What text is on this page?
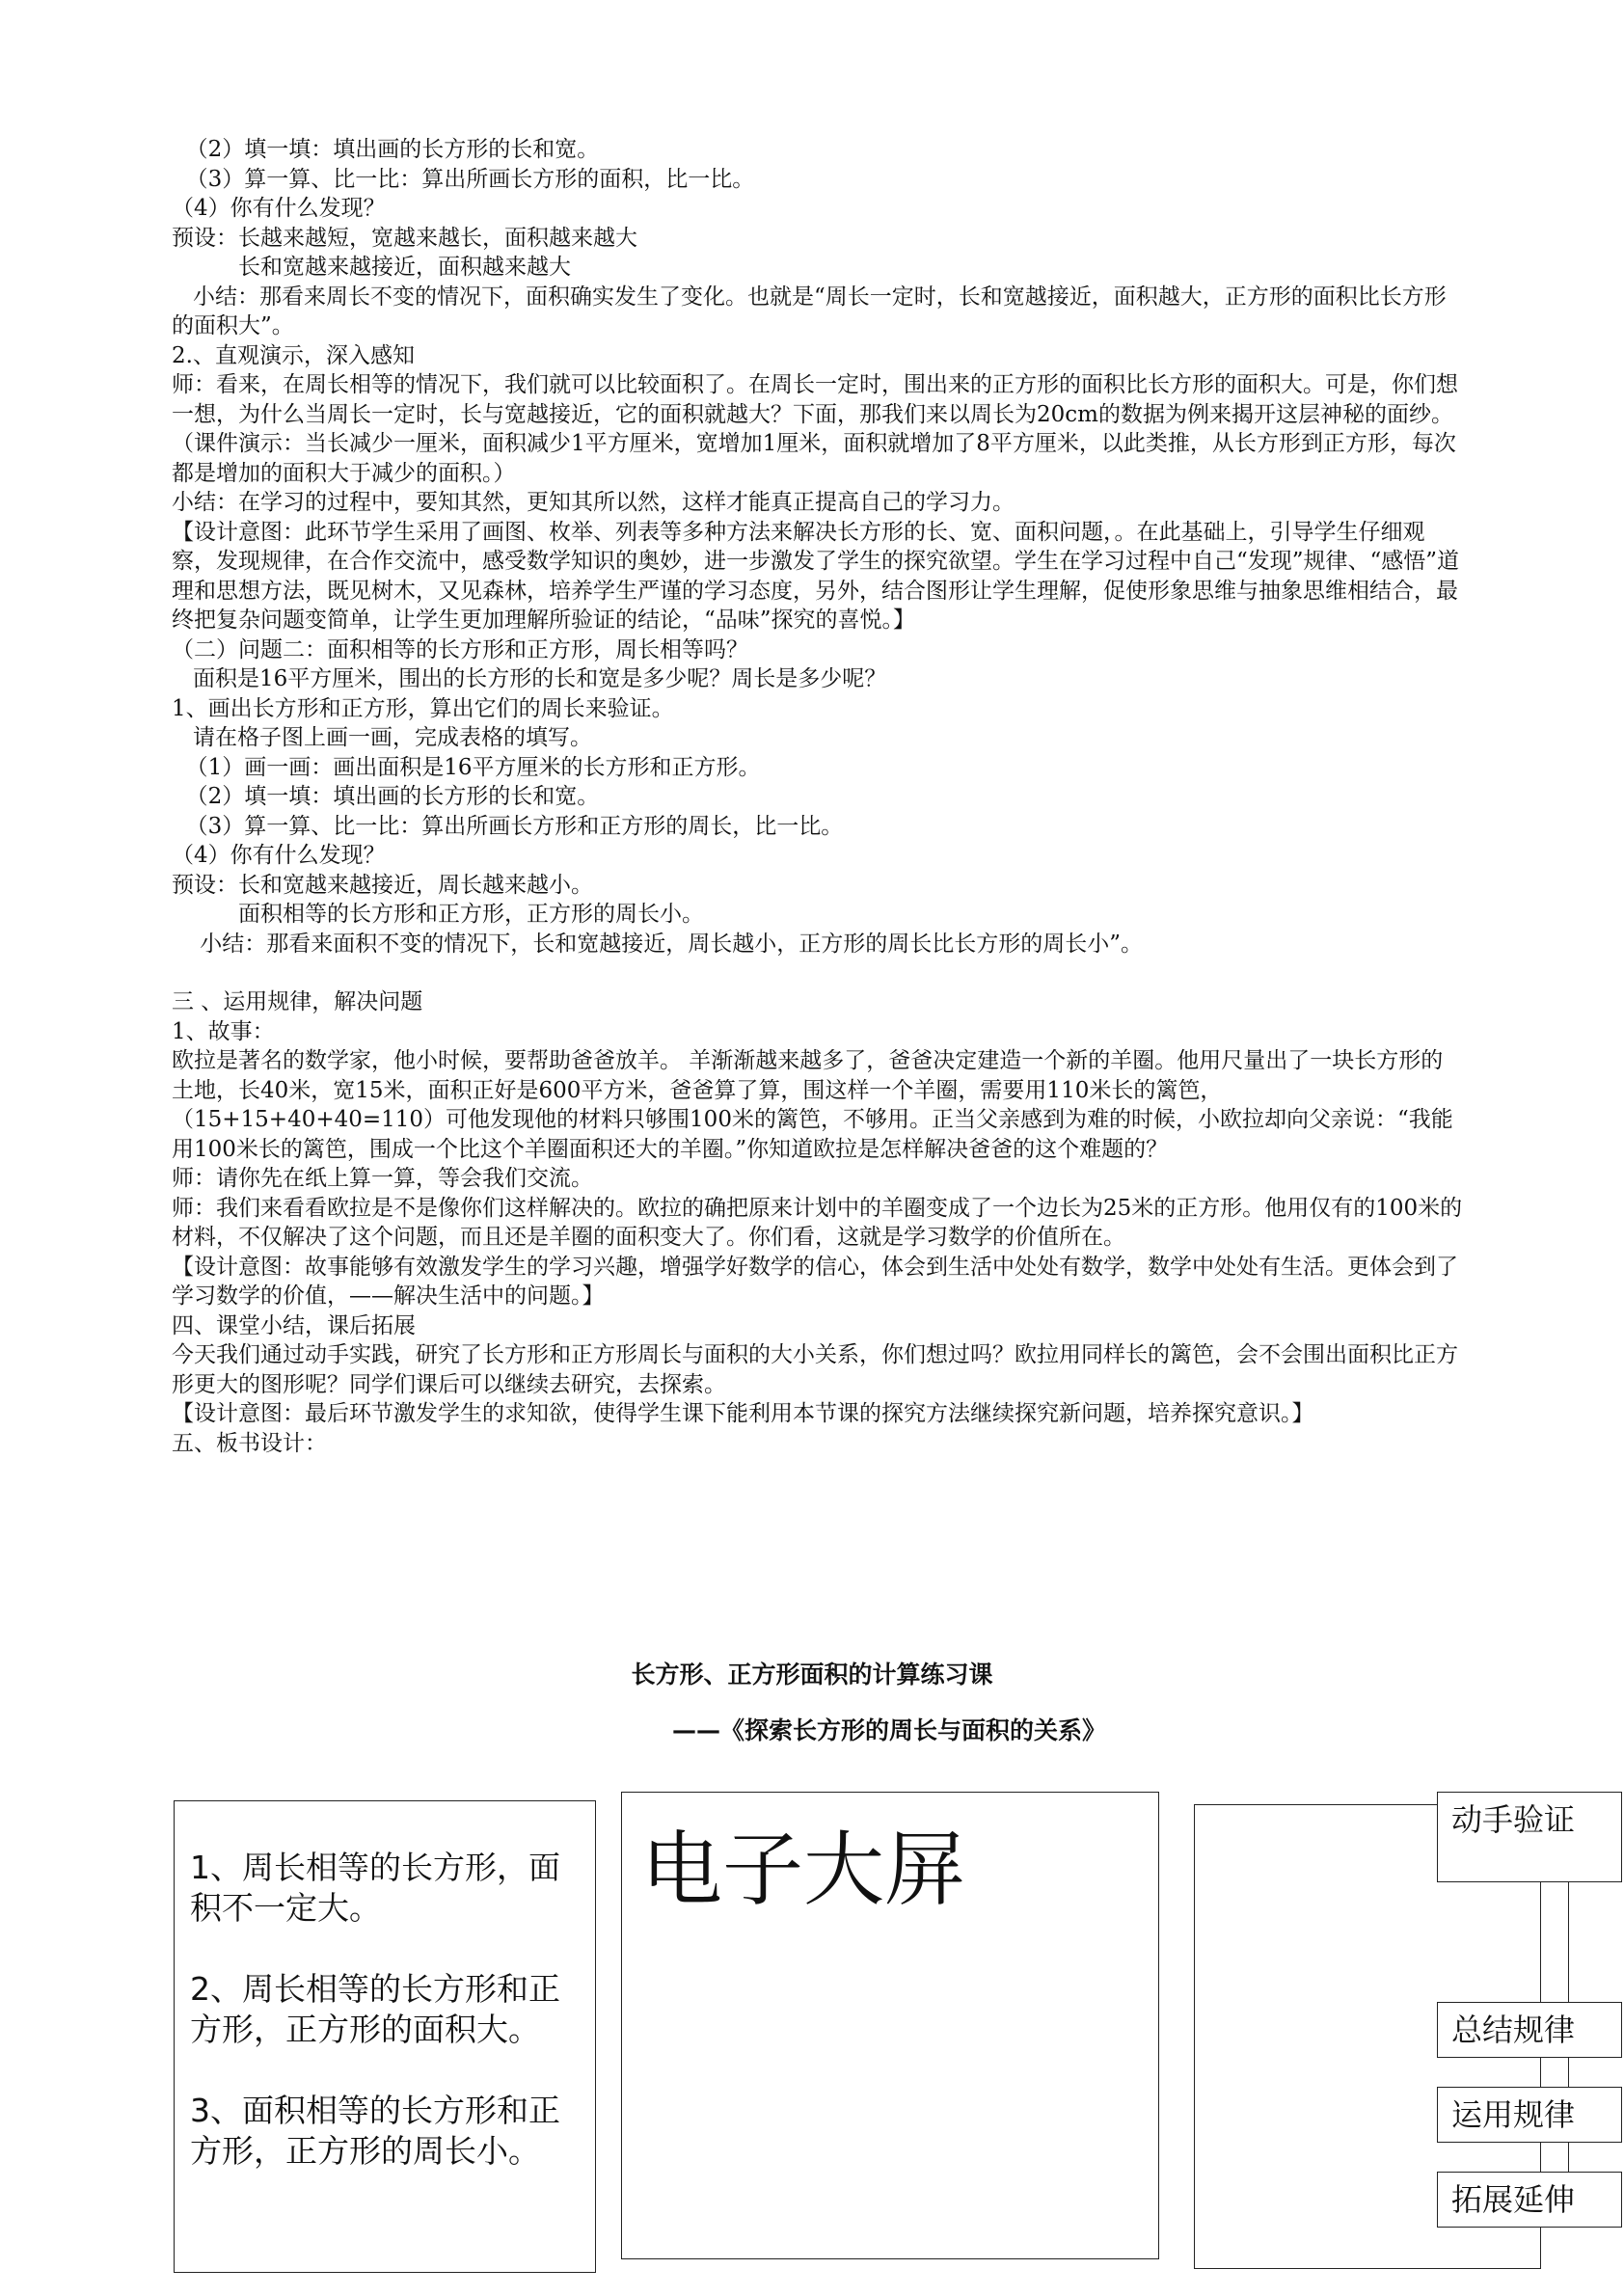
（2）填一填：填出画的长方形的长和宽。

（3）算一算、比一比：算出所画长方形的面积，比一比。

（4）你有什么发现？

预设：长越来越短，宽越来越长，面积越来越大

　　　长和宽越来越接近，面积越来越大

小结：那看来周长不变的情况下，面积确实发生了变化。也就是“周长一定时，长和宽越接近，面积越大，正方形的面积比长方形的面积大”。

2.、直观演示，深入感知

师：看来，在周长相等的情况下，我们就可以比较面积了。在周长一定时，围出来的正方形的面积比长方形的面积大。可是，你们想一想，为什么当周长一定时，长与宽越接近，它的面积就越大？下面，那我们来以周长为20cm的数据为例来揭开这层神秘的面纱。（课件演示：当长减少一厘米，面积减少1平方厘米，宽增加1厘米，面积就增加了8平方厘米，以此类推，从长方形到正方形，每次都是增加的面积大于减少的面积。）

小结：在学习的过程中，要知其然，更知其所以然，这样才能真正提高自己的学习力。

【设计意图：此环节学生采用了画图、枚举、列表等多种方法来解决长方形的长、宽、面积问题，。在此基础上，引导学生仔细观察，发现规律，在合作交流中，感受数学知识的奥妙，进一步激发了学生的探究欲望。学生在学习过程中自己“发现”规律、“感悟”道理和思想方法，既见树木，又见森林，培养学生严谨的学习态度，另外，结合图形让学生理解，促使形象思维与抽象思维相结合，最终把复杂问题变简单，让学生更加理解所验证的结论，“品味”探究的喜悦。】

（二）问题二：面积相等的长方形和正方形，周长相等吗？

面积是16平方厘米，围出的长方形的长和宽是多少呢？周长是多少呢？

1、画出长方形和正方形，算出它们的周长来验证。

请在格子图上画一画，完成表格的填写。

（1）画一画：画出面积是16平方厘米的长方形和正方形。

（2）填一填：填出画的长方形的长和宽。

（3）算一算、比一比：算出所画长方形和正方形的周长，比一比。

（4）你有什么发现？

预设：长和宽越来越接近，周长越来越小。

　　　面积相等的长方形和正方形，正方形的周长小。

小结：那看来面积不变的情况下，长和宽越接近，周长越小，正方形的周长比长方形的周长小”。

三 、运用规律，解决问题

1、故事：

欧拉是著名的数学家，他小时候，要帮助爸爸放羊。 羊渐渐越来越多了，爸爸决定建造一个新的羊圈。他用尺量出了一块长方形的土地，长40米，宽15米，面积正好是600平方米，爸爸算了算，围这样一个羊圈，需要用110米长的篱笆，（15+15+40+40=110）可他发现他的材料只够围100米的篱笆，不够用。正当父亲感到为难的时候，小欧拉却向父亲说：“我能用100米长的篱笆，围成一个比这个羊圈面积还大的羊圈。”你知道欧拉是怎样解决爸爸的这个难题的？

师：请你先在纸上算一算，等会我们交流。

师：我们来看看欧拉是不是像你们这样解决的。欧拉的确把原来计划中的羊圈变成了一个边长为25米的正方形。他用仅有的100米的材料，不仅解决了这个问题，而且还是羊圈的面积变大了。你们看，这就是学习数学的价值所在。

【设计意图：故事能够有效激发学生的学习兴趣，增强学好数学的信心，体会到生活中处处有数学，数学中处处有生活。更体会到了学习数学的价值，——解决生活中的问题。】

四、课堂小结，课后拓展

今天我们通过动手实践，研究了长方形和正方形周长与面积的大小关系，你们想过吗？欧拉用同样长的篱笆，会不会围出面积比正方形更大的图形呢？同学们课后可以继续去研究，去探索。

【设计意图：最后环节激发学生的求知欲，使得学生课下能利用本节课的探究方法继续探究新问题，培养探究意识。】

五、板书设计：

长方形、正方形面积的计算练习课
——《探索长方形的周长与面积的关系》

1、周长相等的长方形，面积不一定大。

2、周长相等的长方形和正方形，正方形的面积大。

3、面积相等的长方形和正方形，正方形的周长小。

电子大屏
动手验证
总结规律
运用规律
拓展延伸
